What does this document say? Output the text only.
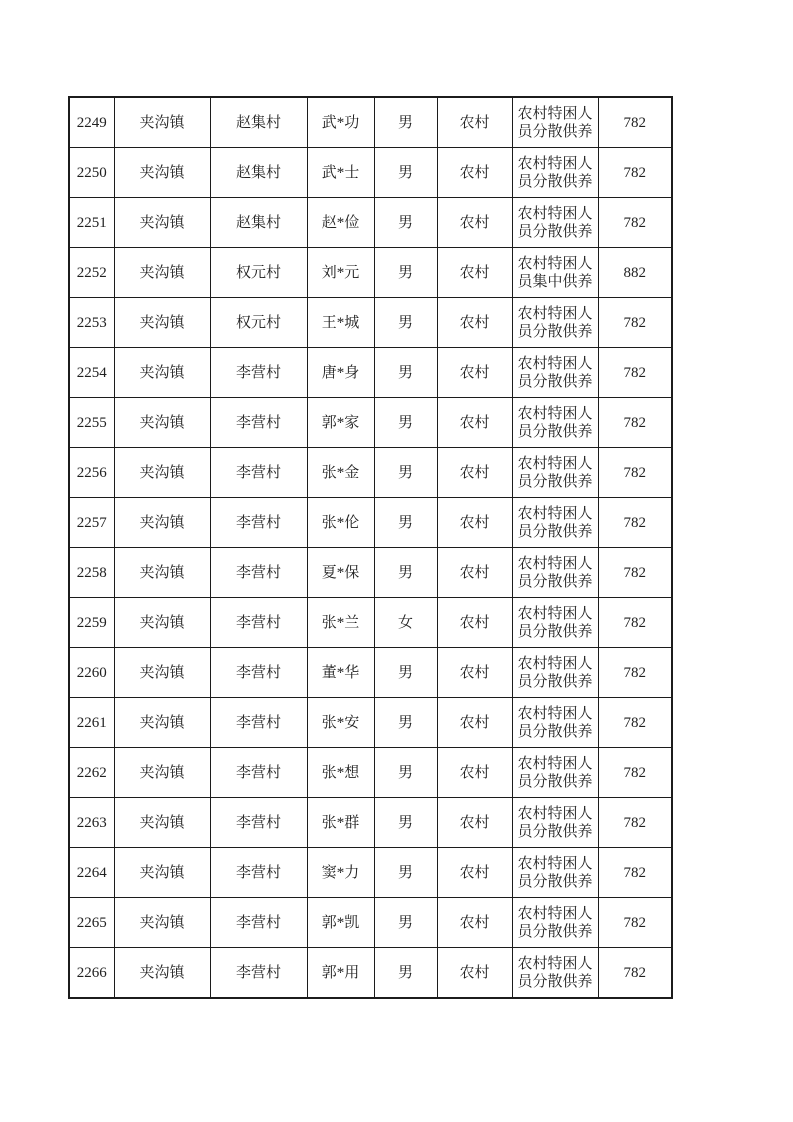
2249	夹沟镇	赵集村	武*功	男	农村	农村特困人员分散供养	782
2250	夹沟镇	赵集村	武*士	男	农村	农村特困人员分散供养	782
2251	夹沟镇	赵集村	赵*俭	男	农村	农村特困人员分散供养	782
2252	夹沟镇	权元村	刘*元	男	农村	农村特困人员集中供养	882
2253	夹沟镇	权元村	王*城	男	农村	农村特困人员分散供养	782
2254	夹沟镇	李营村	唐*身	男	农村	农村特困人员分散供养	782
2255	夹沟镇	李营村	郭*家	男	农村	农村特困人员分散供养	782
2256	夹沟镇	李营村	张*金	男	农村	农村特困人员分散供养	782
2257	夹沟镇	李营村	张*伦	男	农村	农村特困人员分散供养	782
2258	夹沟镇	李营村	夏*保	男	农村	农村特困人员分散供养	782
2259	夹沟镇	李营村	张*兰	女	农村	农村特困人员分散供养	782
2260	夹沟镇	李营村	董*华	男	农村	农村特困人员分散供养	782
2261	夹沟镇	李营村	张*安	男	农村	农村特困人员分散供养	782
2262	夹沟镇	李营村	张*想	男	农村	农村特困人员分散供养	782
2263	夹沟镇	李营村	张*群	男	农村	农村特困人员分散供养	782
2264	夹沟镇	李营村	窦*力	男	农村	农村特困人员分散供养	782
2265	夹沟镇	李营村	郭*凯	男	农村	农村特困人员分散供养	782
2266	夹沟镇	李营村	郭*用	男	农村	农村特困人员分散供养	782
